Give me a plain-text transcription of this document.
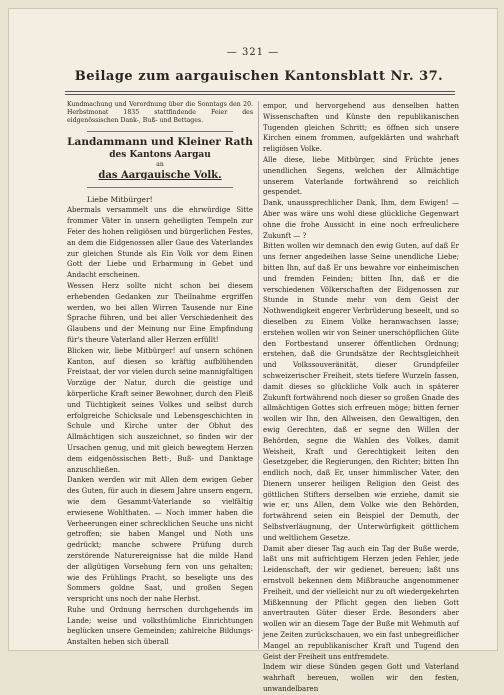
— 321 —
Beilage zum aargauischen Kantonsblatt Nr. 37.

Kundmachung und Verordnung über die Sonntags den 20. Herbstmonat 1835 stattfindende Feier des eidgenössischen Dank-, Buß- und Bettages.

Landammann und Kleiner Rath
des Kantons Aargau
an
das Aargauische Volk.
Liebe Mitbürger!

Abermals versammelt uns die ehrwürdige Sitte frommer Väter in unsern geheiligten Tempeln zur Feier des hohen religiösen und bürgerlichen Festes, an dem die Eidgenossen aller Gaue des Vaterlandes zur gleichen Stunde als Ein Volk vor dem Einen Gott der Liebe und Erbarmung in Gebet und Andacht erscheinen.

Wessen Herz sollte nicht schon bei diesem erhebenden Gedanken zur Theilnahme ergriffen werden, wo bei allen Wirren Tausende nur Eine Sprache führen, und bei aller Verschiedenheit des Glaubens und der Meinung nur Eine Empfindung für's theure Vaterland aller Herzen erfüllt!

Blicken wir, liebe Mitbürger! auf unsern schönen Kanton, auf diesen so kräftig aufblühenden Freistaat, der vor vielen durch seine mannigfaltigen Vorzüge der Natur, durch die geistige und körperliche Kraft seiner Bewohner, durch den Fleiß und Tüchtigkeit seines Volkes und selbst durch erfolgreiche Schicksale und Lebensgeschichten in Schule und Kirche unter der Obhut des Allmächtigen sich auszeichnet, so finden wir der Ursachen genug, und mit gleich bewegtem Herzen dem eidgenössischen Bett-, Buß- und Danktage anzuschließen.

Danken werden wir mit Allen dem ewigen Geber des Guten, für auch in diesem Jahre unsern engern, wie dem Gesammt-Vaterlande so vielfältig erwiesene Wohlthaten. — Noch immer haben die Verheerungen einer schrecklichen Seuche uns nicht getroffen; sie haben Mangel und Noth uns gedrückt; manche schwere Prüfung durch zerstörende Naturereignisse hat die milde Hand der allgütigen Vorsehung fern von uns gehalten; wie des Frühlings Pracht, so beseligte uns des Sommers goldne Saat, und großen Segen verspricht uns noch der nahe Herbst.

Ruhe und Ordnung herrschen durchgehends im Lande; weise und volksthümliche Einrichtungen beglücken unsere Gemeinden; zahlreiche Bildungs-Anstalten heben sich überall

empor, und hervorgehend aus denselben hatten Wissenschaften und Künste den republikanischen Tugenden gleichen Schritt; es öffnen sich unsere Kirchen einem frommen, aufgeklärten und wahrhaft religiösen Volke.

Alle diese, liebe Mitbürger, sind Früchte jenes unendlichen Segens, welchen der Allmächtige unserem Vaterlande fortwährend so reichlich gespendet.

Dank, unaussprechlicher Dank, Ihm, dem Ewigen! — Aber was wäre uns wohl diese glückliche Gegenwart ohne die frohe Aussicht in eine noch erfreulichere Zukunft — ?

Bitten wollen wir demnach den ewig Guten, auf daß Er uns ferner angedeihen lasse Seine unendliche Liebe; bitten Ihn, auf daß Er uns bewahre vor einheimischen und fremden Feinden; bitten Ihn, daß er die verschiedenen Völkerschaften der Eidgenossen zur Stunde in Stunde mehr von dem Geist der Nothwendigkeit engerer Verbrüderung beseelt, und so dieselben zu Einem Volke heranwachsen lasse; erstehen wollen wir von Seiner unerschöpflichen Güte den Fortbestand unserer öffentlichen Ordnung; erstehen, daß die Grundsätze der Rechtsgleichheit und Volkssouveränität, dieser Grundpfeiler schweizerischer Freiheit, stets tiefere Wurzeln fassen, damit dieses so glückliche Volk auch in späterer Zukunft fortwährend noch dieser so großen Gnade des allmächtigen Gottes sich erfreuen möge; bitten ferner wollen wir Ihn, den Allweisen, den Gewaltigen, den ewig Gerechten, daß er segne den Willen der Behörden, segne die Wahlen des Volkes, damit Weisheit, Kraft und Gerechtigkeit leiten den Gesetzgeber, die Regierungen, den Richter; bitten Ihn endlich noch, daß Er, unser himmlischer Vater, den Dienern unserer heiligen Religion den Geist des göttlichen Stifters derselben wie erziehe, damit sie wie er, uns Allen, dem Volke wie den Behörden, fortwährend seien ein Beispiel der Demuth, der Selbstverläugnung, der Unterwürfigkeit göttlichem und weltlichem Gesetze.

Damit aber dieser Tag auch ein Tag der Buße werde, laßt uns mit aufrichtigem Herzen jeden Fehler, jede Leidenschaft, der wir gedienet, bereuen; laßt uns ernstvoll bekennen dem Mißbrauche angenommener Freiheit, und der vielleicht nur zu oft wiedergekehrten Mißkennung der Pflicht gegen den lieben Gott anvertrauten Güter dieser Erde. Besonders aber wollen wir an diesem Tage der Buße mit Wehmuth auf jene Zeiten zurückschauen, wo ein fast unbegreiflicher Mangel an republikanischer Kraft und Tugend den Geist der Freiheit uns entfremdete.

Indem wir diese Sünden gegen Gott und Vaterland wahrhaft bereuen, wollen wir den festen, unwandelbaren
